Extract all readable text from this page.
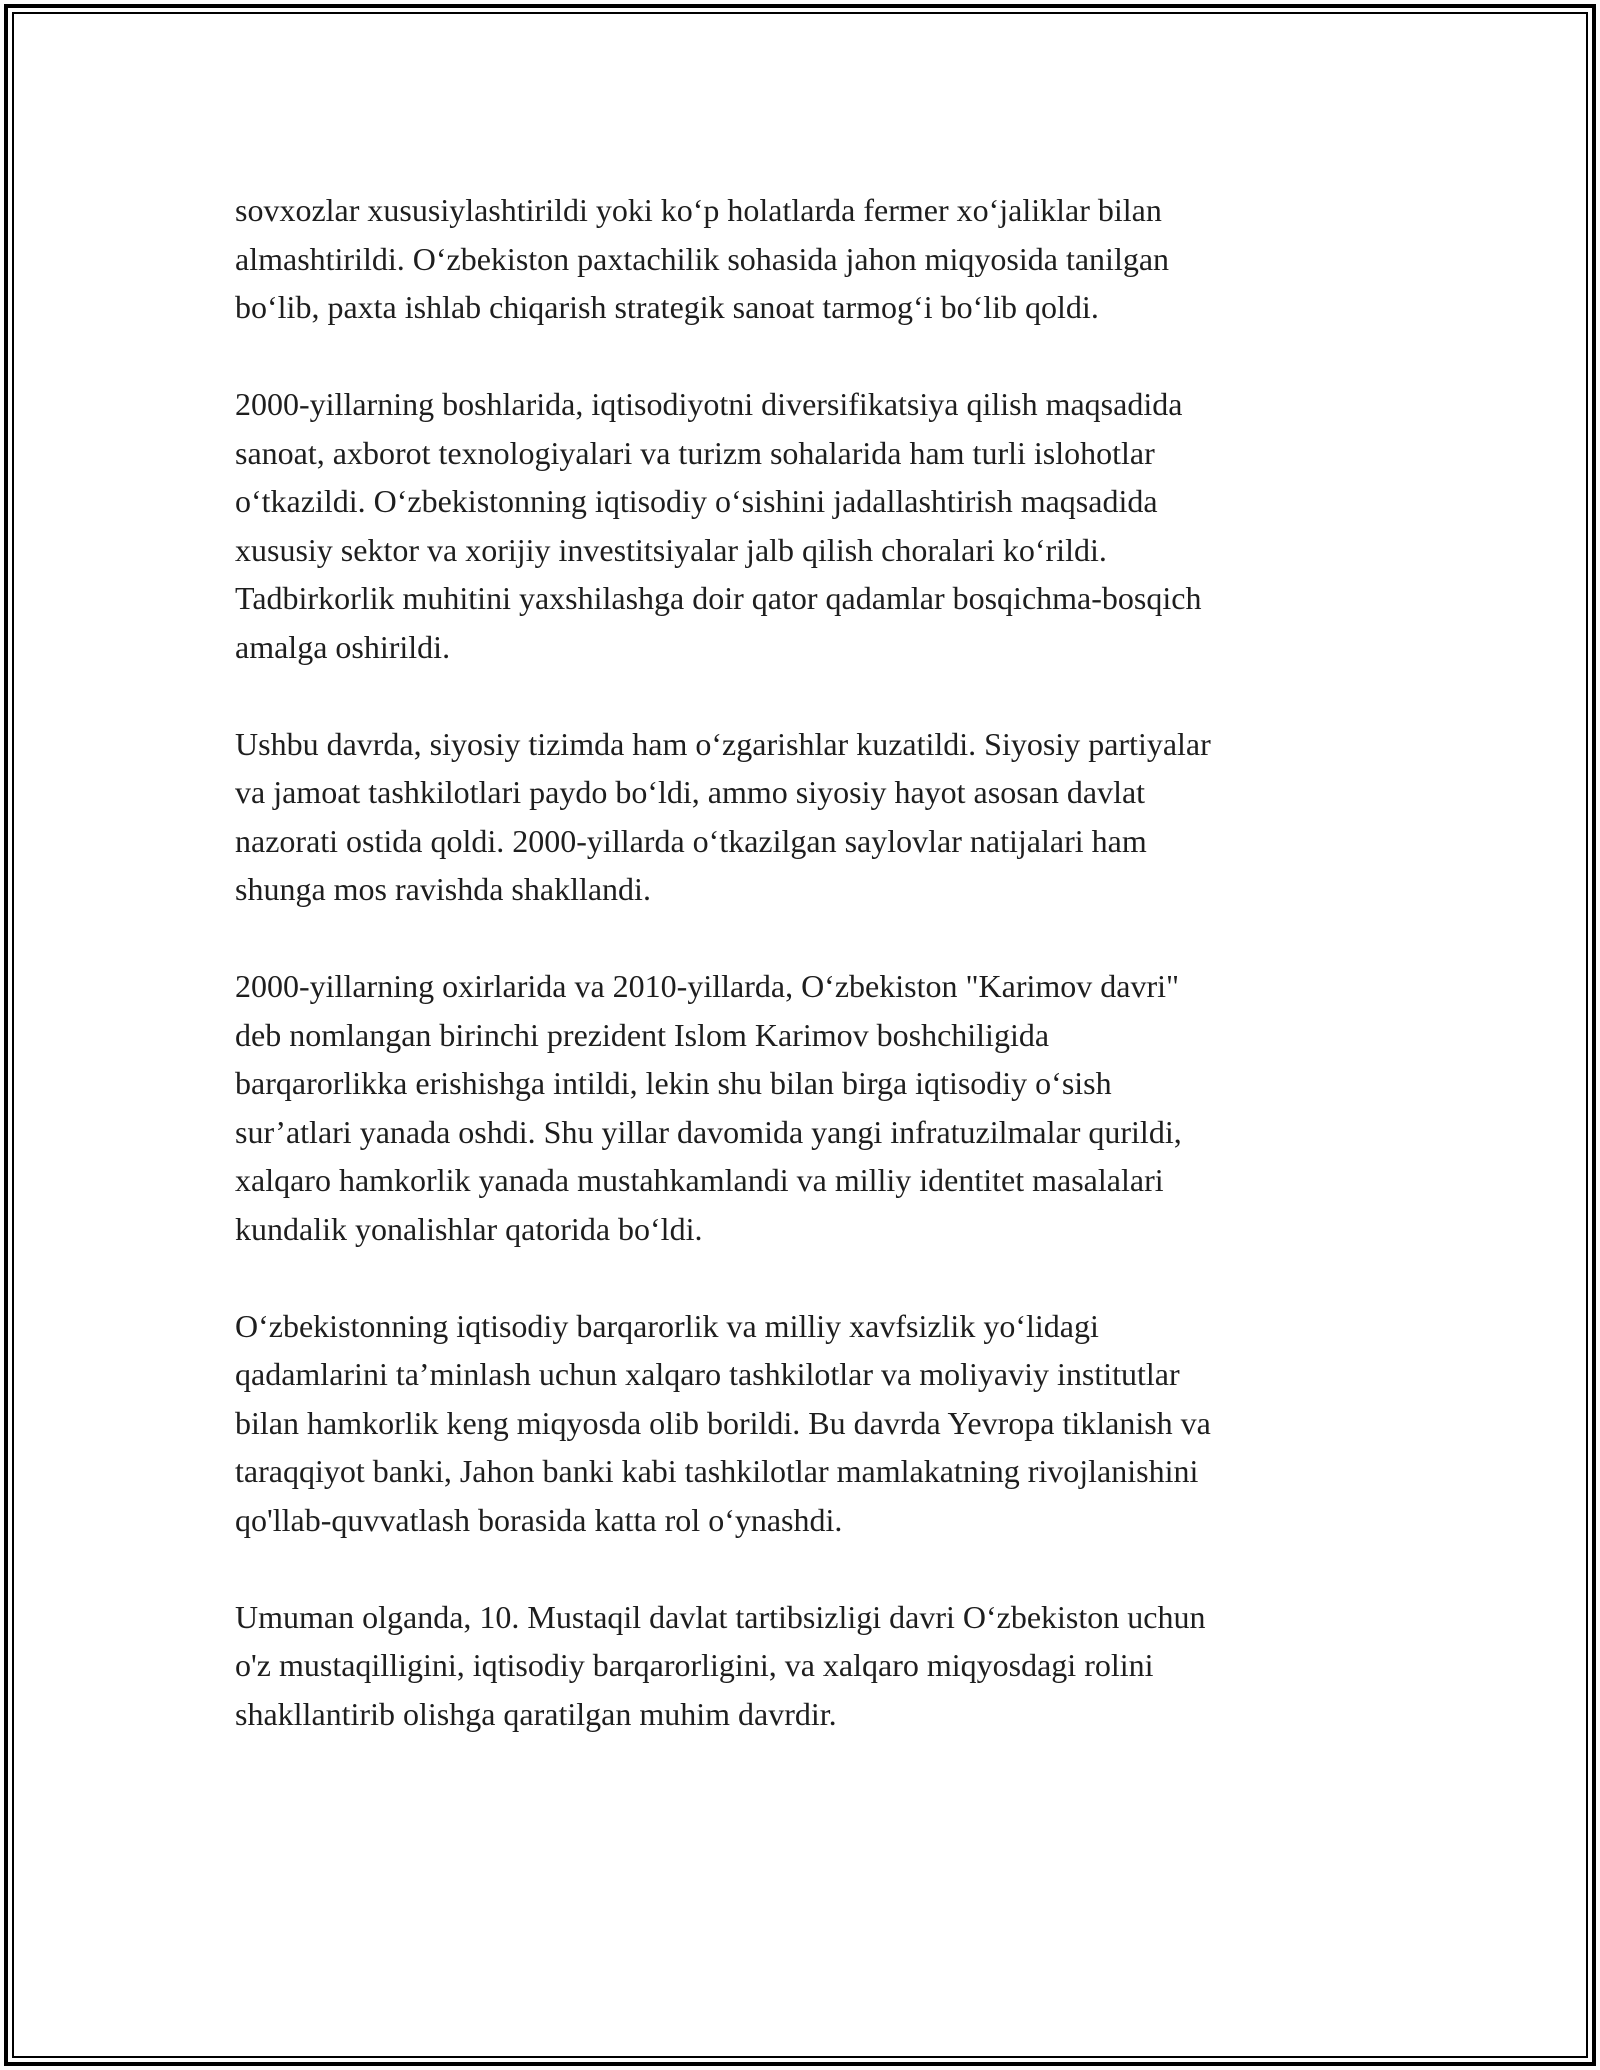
sovxozlar xususiylashtirildi yoki ko‘p holatlarda fermer xo‘jaliklar bilan
almashtirildi. O‘zbekiston paxtachilik sohasida jahon miqyosida tanilgan
bo‘lib, paxta ishlab chiqarish strategik sanoat tarmog‘i bo‘lib qoldi.

2000-yillarning boshlarida, iqtisodiyotni diversifikatsiya qilish maqsadida
sanoat, axborot texnologiyalari va turizm sohalarida ham turli islohotlar
o‘tkazildi. O‘zbekistonning iqtisodiy o‘sishini jadallashtirish maqsadida
xususiy sektor va xorijiy investitsiyalar jalb qilish choralari ko‘rildi.
Tadbirkorlik muhitini yaxshilashga doir qator qadamlar bosqichma-bosqich
amalga oshirildi.

Ushbu davrda, siyosiy tizimda ham o‘zgarishlar kuzatildi. Siyosiy partiyalar
va jamoat tashkilotlari paydo bo‘ldi, ammo siyosiy hayot asosan davlat
nazorati ostida qoldi. 2000-yillarda o‘tkazilgan saylovlar natijalari ham
shunga mos ravishda shakllandi.

2000-yillarning oxirlarida va 2010-yillarda, O‘zbekiston "Karimov davri"
deb nomlangan birinchi prezident Islom Karimov boshchiligida
barqarorlikka erishishga intildi, lekin shu bilan birga iqtisodiy o‘sish
sur’atlari yanada oshdi. Shu yillar davomida yangi infratuzilmalar qurildi,
xalqaro hamkorlik yanada mustahkamlandi va milliy identitet masalalari
kundalik yonalishlar qatorida bo‘ldi.

O‘zbekistonning iqtisodiy barqarorlik va milliy xavfsizlik yo‘lidagi
qadamlarini ta’minlash uchun xalqaro tashkilotlar va moliyaviy institutlar
bilan hamkorlik keng miqyosda olib borildi. Bu davrda Yevropa tiklanish va
taraqqiyot banki, Jahon banki kabi tashkilotlar mamlakatning rivojlanishini
qo'llab-quvvatlash borasida katta rol o‘ynashdi.

Umuman olganda, 10. Mustaqil davlat tartibsizligi davri O‘zbekiston uchun
o'z mustaqilligini, iqtisodiy barqarorligini, va xalqaro miqyosdagi rolini
shakllantirib olishga qaratilgan muhim davrdir.
